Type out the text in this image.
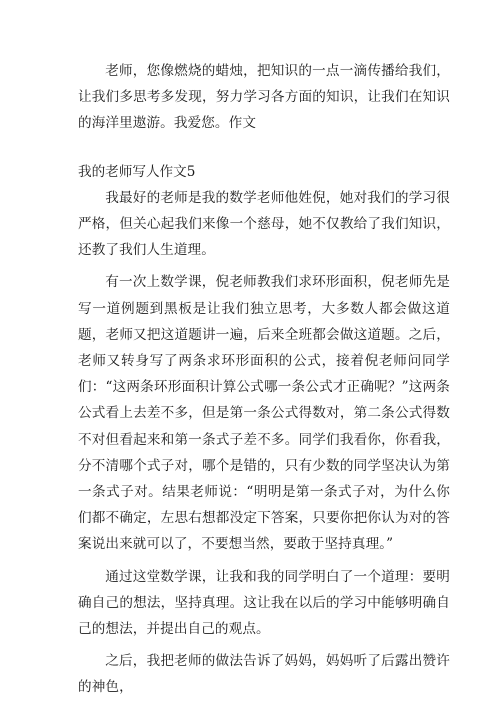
老师，您像燃烧的蜡烛，把知识的一点一滴传播给我们，让我们多思考多发现，努力学习各方面的知识，让我们在知识的海洋里遨游。我爱您。作文

我的老师写人作文5

我最好的老师是我的数学老师他姓倪，她对我们的学习很严格，但关心起我们来像一个慈母，她不仅教给了我们知识，还教了我们人生道理。

有一次上数学课，倪老师教我们求环形面积，倪老师先是写一道例题到黑板是让我们独立思考，大多数人都会做这道题，老师又把这道题讲一遍，后来全班都会做这道题。之后，老师又转身写了两条求环形面积的公式，接着倪老师问同学们：“这两条环形面积计算公式哪一条公式才正确呢？”这两条公式看上去差不多，但是第一条公式得数对，第二条公式得数不对但看起来和第一条式子差不多。同学们我看你，你看我，分不清哪个式子对，哪个是错的，只有少数的同学坚决认为第一条式子对。结果老师说：“明明是第一条式子对，为什么你们都不确定，左思右想都没定下答案，只要你把你认为对的答案说出来就可以了，不要想当然，要敢于坚持真理。”

通过这堂数学课，让我和我的同学明白了一个道理：要明确自己的想法，坚持真理。这让我在以后的学习中能够明确自己的想法，并提出自己的观点。

之后，我把老师的做法告诉了妈妈，妈妈听了后露出赞许的神色，
